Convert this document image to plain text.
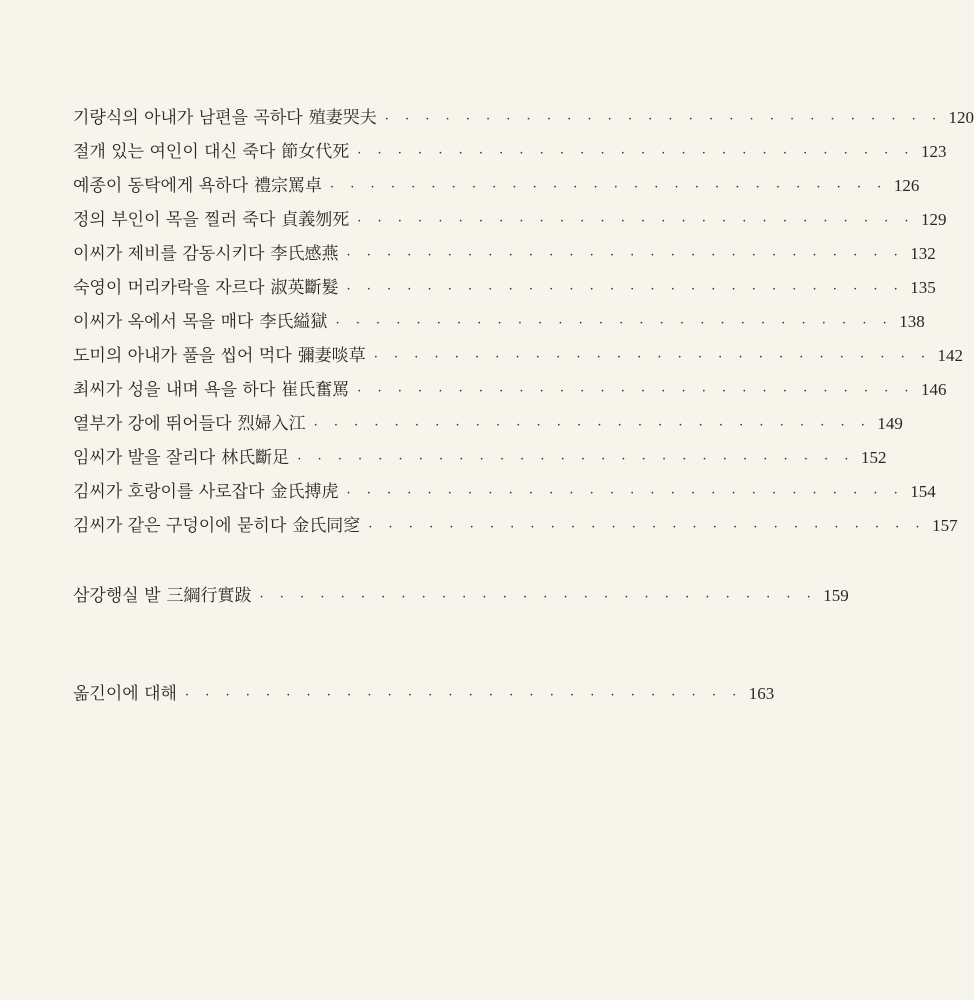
기량식의 아내가 남편을 곡하다 殖妻哭夫 · · · · · · · · · · · · · · · · · · · · · · · · · · · · 120
절개 있는 여인이 대신 죽다 節女代死 · · · · · · · · · · · · · · · · · · · · · · · · · · · · 123
예종이 동탁에게 욕하다 禮宗罵卓 · · · · · · · · · · · · · · · · · · · · · · · · · · · · 126
정의 부인이 목을 찔러 죽다 貞義刎死 · · · · · · · · · · · · · · · · · · · · · · · · · · · · 129
이씨가 제비를 감동시키다 李氏感燕 · · · · · · · · · · · · · · · · · · · · · · · · · · · · 132
숙영이 머리카락을 자르다 淑英斷髮 · · · · · · · · · · · · · · · · · · · · · · · · · · · · 135
이씨가 옥에서 목을 매다 李氏縊獄 · · · · · · · · · · · · · · · · · · · · · · · · · · · · 138
도미의 아내가 풀을 씹어 먹다 彌妻啖草 · · · · · · · · · · · · · · · · · · · · · · · · · · · · 142
최씨가 성을 내며 욕을 하다 崔氏奮罵 · · · · · · · · · · · · · · · · · · · · · · · · · · · · 146
열부가 강에 뛰어들다 烈婦入江 · · · · · · · · · · · · · · · · · · · · · · · · · · · · 149
임씨가 발을 잘리다 林氏斷足 · · · · · · · · · · · · · · · · · · · · · · · · · · · · 152
김씨가 호랑이를 사로잡다 金氏搏虎 · · · · · · · · · · · · · · · · · · · · · · · · · · · · 154
김씨가 같은 구덩이에 묻히다 金氏同窆 · · · · · · · · · · · · · · · · · · · · · · · · · · · · 157
삼강행실 발 三綱行實跋 · · · · · · · · · · · · · · · · · · · · · · · · · · · · 159
옮긴이에 대해 · · · · · · · · · · · · · · · · · · · · · · · · · · · · 163
